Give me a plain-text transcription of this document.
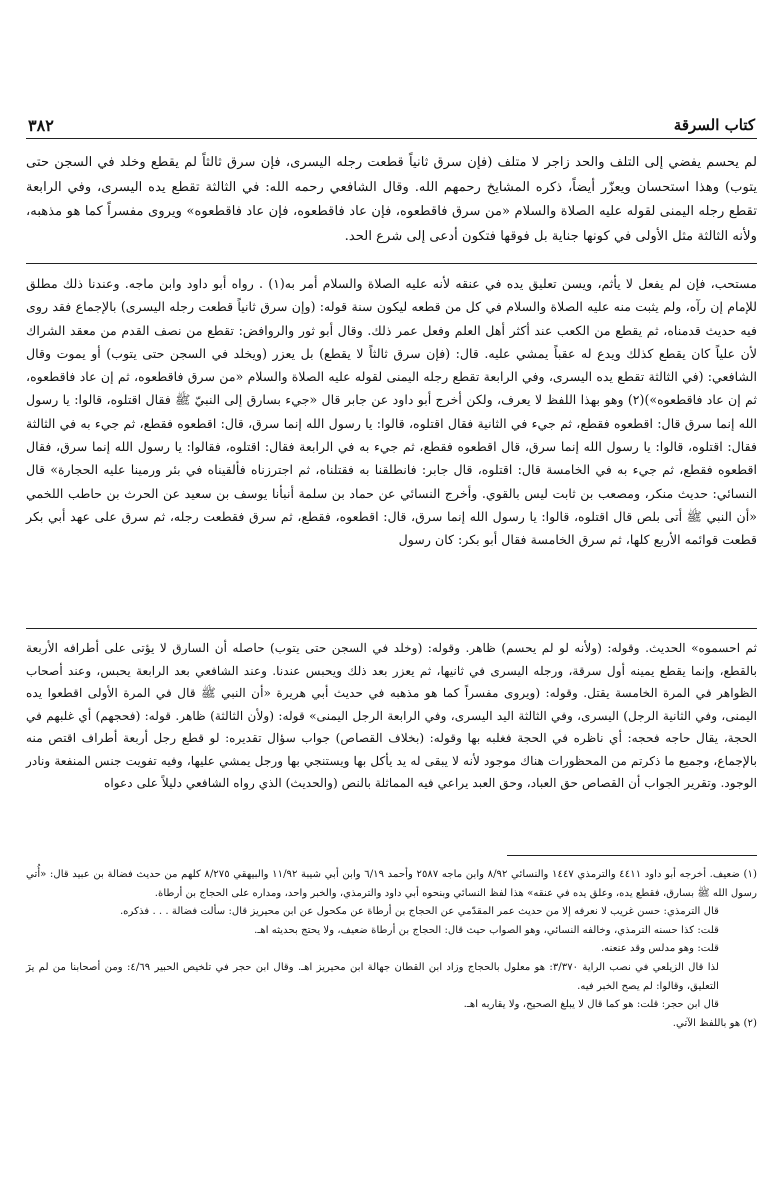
٣٨٢	كتاب السرقة

لم يحسم يفضي إلى التلف والحد زاجر لا متلف (فإن سرق ثانياً قطعت رجله اليسرى، فإن سرق ثالثاً لم يقطع وخلد في السجن حتى يتوب) وهذا استحسان ويعزّر أيضاً، ذكره المشايخ رحمهم الله. وقال الشافعي رحمه الله: في الثالثة تقطع يده اليسرى، وفي الرابعة تقطع رجله اليمنى لقوله عليه الصلاة والسلام «من سرق فاقطعوه، فإن عاد فاقطعوه، فإن عاد فاقطعوه» ويروى مفسراً كما هو مذهبه، ولأنه الثالثة مثل الأولى في كونها جناية بل فوقها فتكون أدعى إلى شرع الحد.

مستحب، فإن لم يفعل لا يأثم، ويسن تعليق يده في عنقه لأنه عليه الصلاة والسلام أمر به(١) . رواه أبو داود وابن ماجه. وعندنا ذلك مطلق للإمام إن رآه، ولم يثبت منه عليه الصلاة والسلام في كل من قطعه ليكون سنة قوله: (وإن سرق ثانياً قطعت رجله اليسرى) بالإجماع فقد روى فيه حديث قدمناه، ثم يقطع من الكعب عند أكثر أهل العلم وفعل عمر ذلك. وقال أبو ثور والروافض: تقطع من نصف القدم من معقد الشراك لأن علياً كان يقطع كذلك ويدع له عقباً يمشي عليه. قال: (فإن سرق ثالثاً لا يقطع) بل يعزر (ويخلد في السجن حتى يتوب) أو يموت وقال الشافعي: (في الثالثة تقطع يده اليسرى، وفي الرابعة تقطع رجله اليمنى لقوله عليه الصلاة والسلام «من سرق فاقطعوه، ثم إن عاد فاقطعوه، ثم إن عاد فاقطعوه»)(٢) وهو بهذا اللفظ لا يعرف، ولكن أخرج أبو داود عن جابر قال «جيء بسارق إلى النبيّ ﷺ فقال اقتلوه، قالوا: يا رسول الله إنما سرق قال: اقطعوه فقطع، ثم جيء في الثانية فقال اقتلوه، قالوا: يا رسول الله إنما سرق، قال: اقطعوه فقطع، ثم جيء به في الثالثة فقال: اقتلوه، قالوا: يا رسول الله إنما سرق، قال اقطعوه فقطع، ثم جيء به في الرابعة فقال: اقتلوه، فقالوا: يا رسول الله إنما سرق، فقال اقطعوه فقطع، ثم جيء به في الخامسة قال: اقتلوه، قال جابر: فانطلقنا به فقتلناه، ثم اجترزناه فألقيناه في بئر ورمينا عليه الحجارة» قال النسائي: حديث منكر، ومصعب بن ثابت ليس بالقوي. وأخرج النسائي عن حماد بن سلمة أنبأنا يوسف بن سعيد عن الحرث بن حاطب اللخمي «أن النبي ﷺ أتى بلص قال اقتلوه، قالوا: يا رسول الله إنما سرق، قال: اقطعوه، فقطع، ثم سرق فقطعت رجله، ثم سرق على عهد أبي بكر قطعت قوائمه الأربع كلها، ثم سرق الخامسة فقال أبو بكر: كان رسول

ثم احسموه» الحديث. وقوله: (ولأنه لو لم يحسم) ظاهر. وقوله: (وخلد في السجن حتى يتوب) حاصله أن السارق لا يؤتى على أطرافه الأربعة بالقطع، وإنما يقطع يمينه أول سرقة، ورجله اليسرى في ثانيها، ثم يعزر بعد ذلك ويحبس عندنا. وعند الشافعي بعد الرابعة يحبس، وعند أصحاب الظواهر في المرة الخامسة يقتل. وقوله: (ويروى مفسراً كما هو مذهبه في حديث أبي هريرة «أن النبي ﷺ قال في المرة الأولى اقطعوا يده اليمنى، وفي الثانية الرجل) اليسرى، وفي الثالثة اليد اليسرى، وفي الرابعة الرجل اليمنى» قوله: (ولأن الثالثة) ظاهر. قوله: (فحجهم) أي غلبهم في الحجة، يقال حاجه فحجه: أي ناظره في الحجة فغلبه بها وقوله: (بخلاف القصاص) جواب سؤال تقديره: لو قطع رجل أربعة أطراف اقتص منه بالإجماع، وجميع ما ذكرتم من المحظورات هناك موجود لأنه لا يبقى له يد يأكل بها ويستنجي بها ورجل يمشي عليها، وفيه تفويت جنس المنفعة ونادر الوجود. وتقرير الجواب أن القصاص حق العباد، وحق العبد يراعي فيه المماثلة بالنص (والحديث) الذي رواه الشافعي دليلاً على دعواه

(١) ضعيف. أخرجه أبو داود ٤٤١١ والترمذي ١٤٤٧ والنسائي ٨/٩٢ وابن ماجه ٢٥٨٧ وأحمد ٦/١٩ وابن أبي شيبة ١١/٩٢ والبيهقي ٨/٢٧٥ كلهم من حديث فضالة بن عبيد قال: «أُتي رسول الله ﷺ بسارق، فقطع يده، وعلق يده في عنقه» هذا لفظ النسائي وبنحوه أبي داود والترمذي، والخبر واحد، ومداره على الحجاج بن أرطاة.

قال الترمذي: حسن غريب لا نعرفه إلا من حديث عمر المقدّمي عن الحجاج بن أرطاة عن مكحول عن ابن محيريز قال: سألت فضالة . . . فذكره.

قلت: كذا حسنه الترمذي، وخالفه النسائي، وهو الصواب حيث قال: الحجاج بن أرطاة ضعيف، ولا يحتج بحديثه اهـ.

قلت: وهو مدلس وقد عنعنه.

لذا قال الزيلعي في نصب الراية ٣/٣٧٠: هو معلول بالحجاج وزاد ابن القطان جهالة ابن محيريز اهـ. وقال ابن حجر في تلخيص الحبير ٤/٦٩: ومن أصحابنا من لم يرَ التعليق، وقالوا: لم يصح الخبر فيه.

قال ابن حجر: قلت: هو كما قال لا يبلغ الصحيح، ولا يقاربه اهـ.

(٢) هو باللفظ الآتي.
